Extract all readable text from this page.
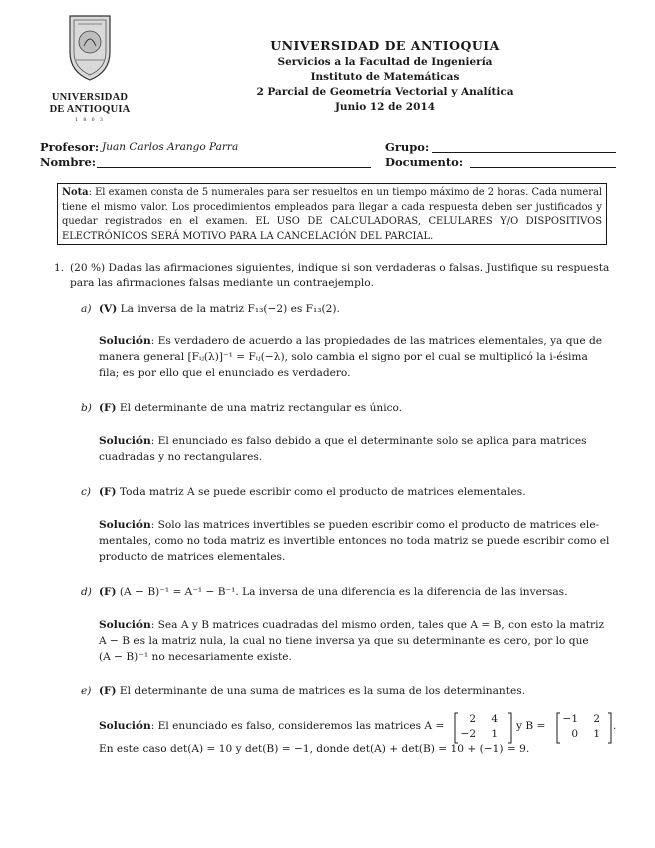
UNIVERSIDAD
DE ANTIOQUIA
1 8 0 3
UNIVERSIDAD DE ANTIOQUIA
Servicios a la Facultad de Ingeniería
Instituto de Matemáticas
2 Parcial de Geometría Vectorial y Analítica
Junio 12 de 2014
Profesor: Juan Carlos Arango Parra	Grupo:
Nombre:	Documento:
Nota: El examen consta de 5 numerales para ser resueltos en un tiempo máximo de 2 horas. Cada numeral tiene el mismo valor. Los procedimientos empleados para llegar a cada respuesta deben ser justificados y quedar registrados en el examen. EL USO DE CALCULADORAS, CELULARES Y/O DISPOSITIVOS ELECTRÓNICOS SERÁ MOTIVO PARA LA CANCELACIÓN DEL PARCIAL.
1. (20 %) Dadas las afirmaciones siguientes, indique si son verdaderas o falsas. Justifique su respuesta
para las afirmaciones falsas mediante un contraejemplo.
a) (V) La inversa de la matriz F₁₃(−2) es F₁₃(2).
Solución: Es verdadero de acuerdo a las propiedades de las matrices elementales, ya que de
manera general [Fᵢⱼ(λ)]⁻¹ = Fᵢⱼ(−λ), solo cambia el signo por el cual se multiplicó la i-ésima
fila; es por ello que el enunciado es verdadero.
b) (F) El determinante de una matriz rectangular es único.
Solución: El enunciado es falso debido a que el determinante solo se aplica para matrices
cuadradas y no rectangulares.
c) (F) Toda matriz A se puede escribir como el producto de matrices elementales.
Solución: Solo las matrices invertibles se pueden escribir como el producto de matrices ele-
mentales, como no toda matriz es invertible entonces no toda matriz se puede escribir como el
producto de matrices elementales.
d) (F) (A − B)⁻¹ = A⁻¹ − B⁻¹. La inversa de una diferencia es la diferencia de las inversas.
Solución: Sea A y B matrices cuadradas del mismo orden, tales que A = B, con esto la matriz
A − B es la matriz nula, la cual no tiene inversa ya que su determinante es cero, por lo que
(A − B)⁻¹ no necesariamente existe.
e) (F) El determinante de una suma de matrices es la suma de los determinantes.
Solución: El enunciado es falso, consideremos las matrices A =
2	4
−2	1
y B =
−1	2
0	1
.
En este caso det(A) = 10 y det(B) = −1, donde det(A) + det(B) = 10 + (−1) = 9.
